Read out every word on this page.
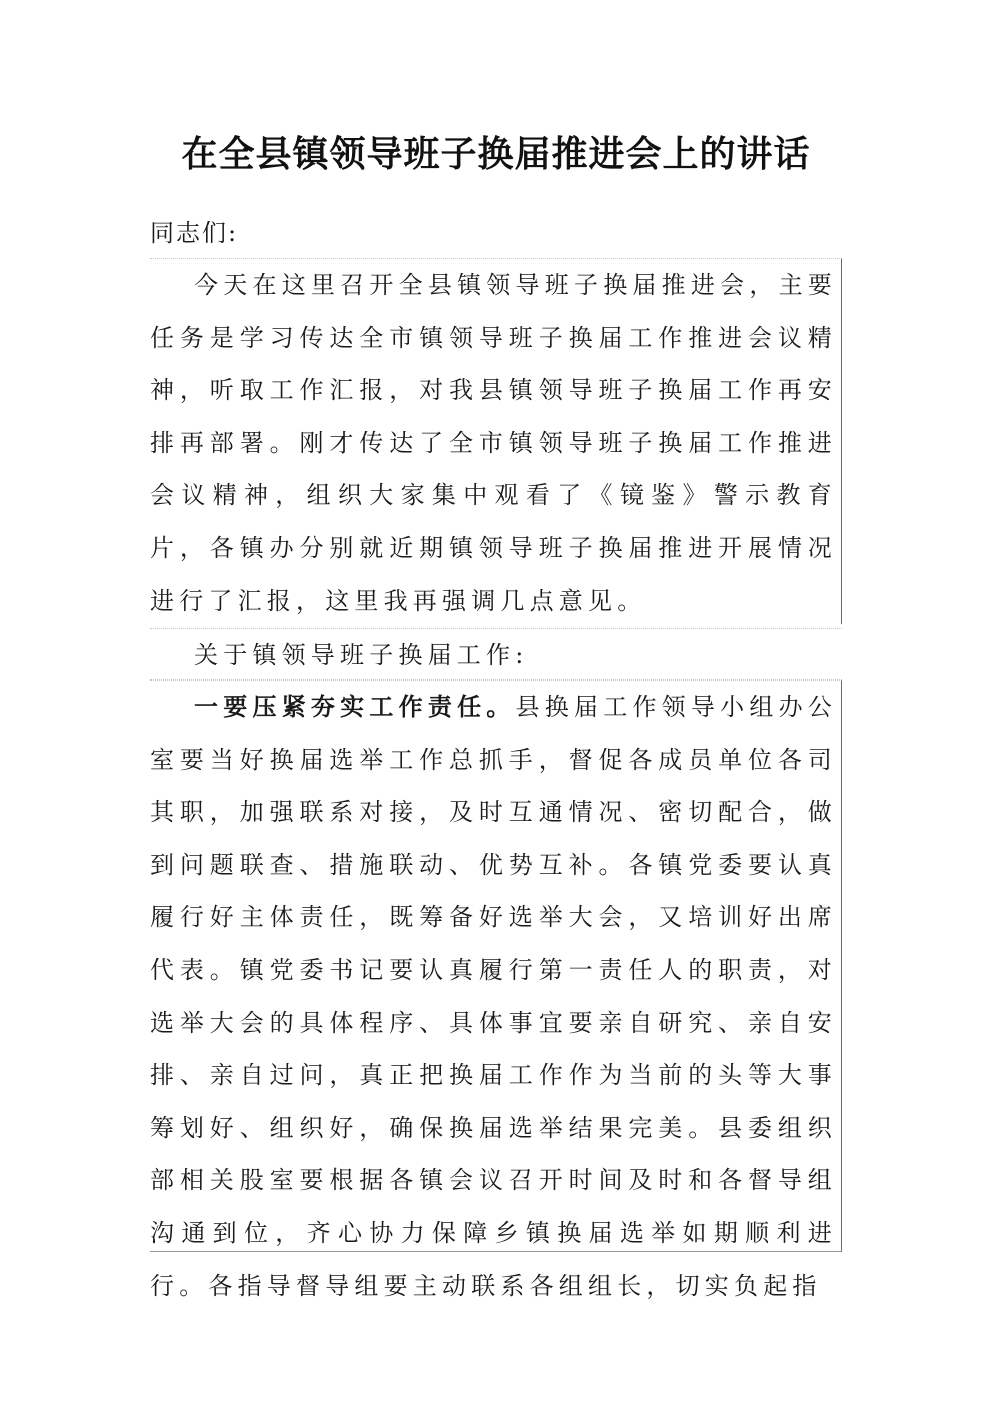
在全县镇领导班子换届推进会上的讲话

同志们:

今天在这里召开全县镇领导班子换届推进会，主要任务是学习传达全市镇领导班子换届工作推进会议精神，听取工作汇报，对我县镇领导班子换届工作再安排再部署。刚才传达了全市镇领导班子换届工作推进会议精神，组织大家集中观看了《镜鉴》警示教育片，各镇办分别就近期镇领导班子换届推进开展情况进行了汇报，这里我再强调几点意见。

关于镇领导班子换届工作:

一要压紧夯实工作责任。县换届工作领导小组办公室要当好换届选举工作总抓手，督促各成员单位各司其职，加强联系对接，及时互通情况、密切配合，做到问题联查、措施联动、优势互补。各镇党委要认真履行好主体责任，既筹备好选举大会，又培训好出席代表。镇党委书记要认真履行第一责任人的职责，对选举大会的具体程序、具体事宜要亲自研究、亲自安排、亲自过问，真正把换届工作作为当前的头等大事筹划好、组织好，确保换届选举结果完美。县委组织部相关股室要根据各镇会议召开时间及时和各督导组沟通到位，齐心协力保障乡镇换届选举如期顺利进行。各指导督导组要主动联系各组组长，切实负起指
